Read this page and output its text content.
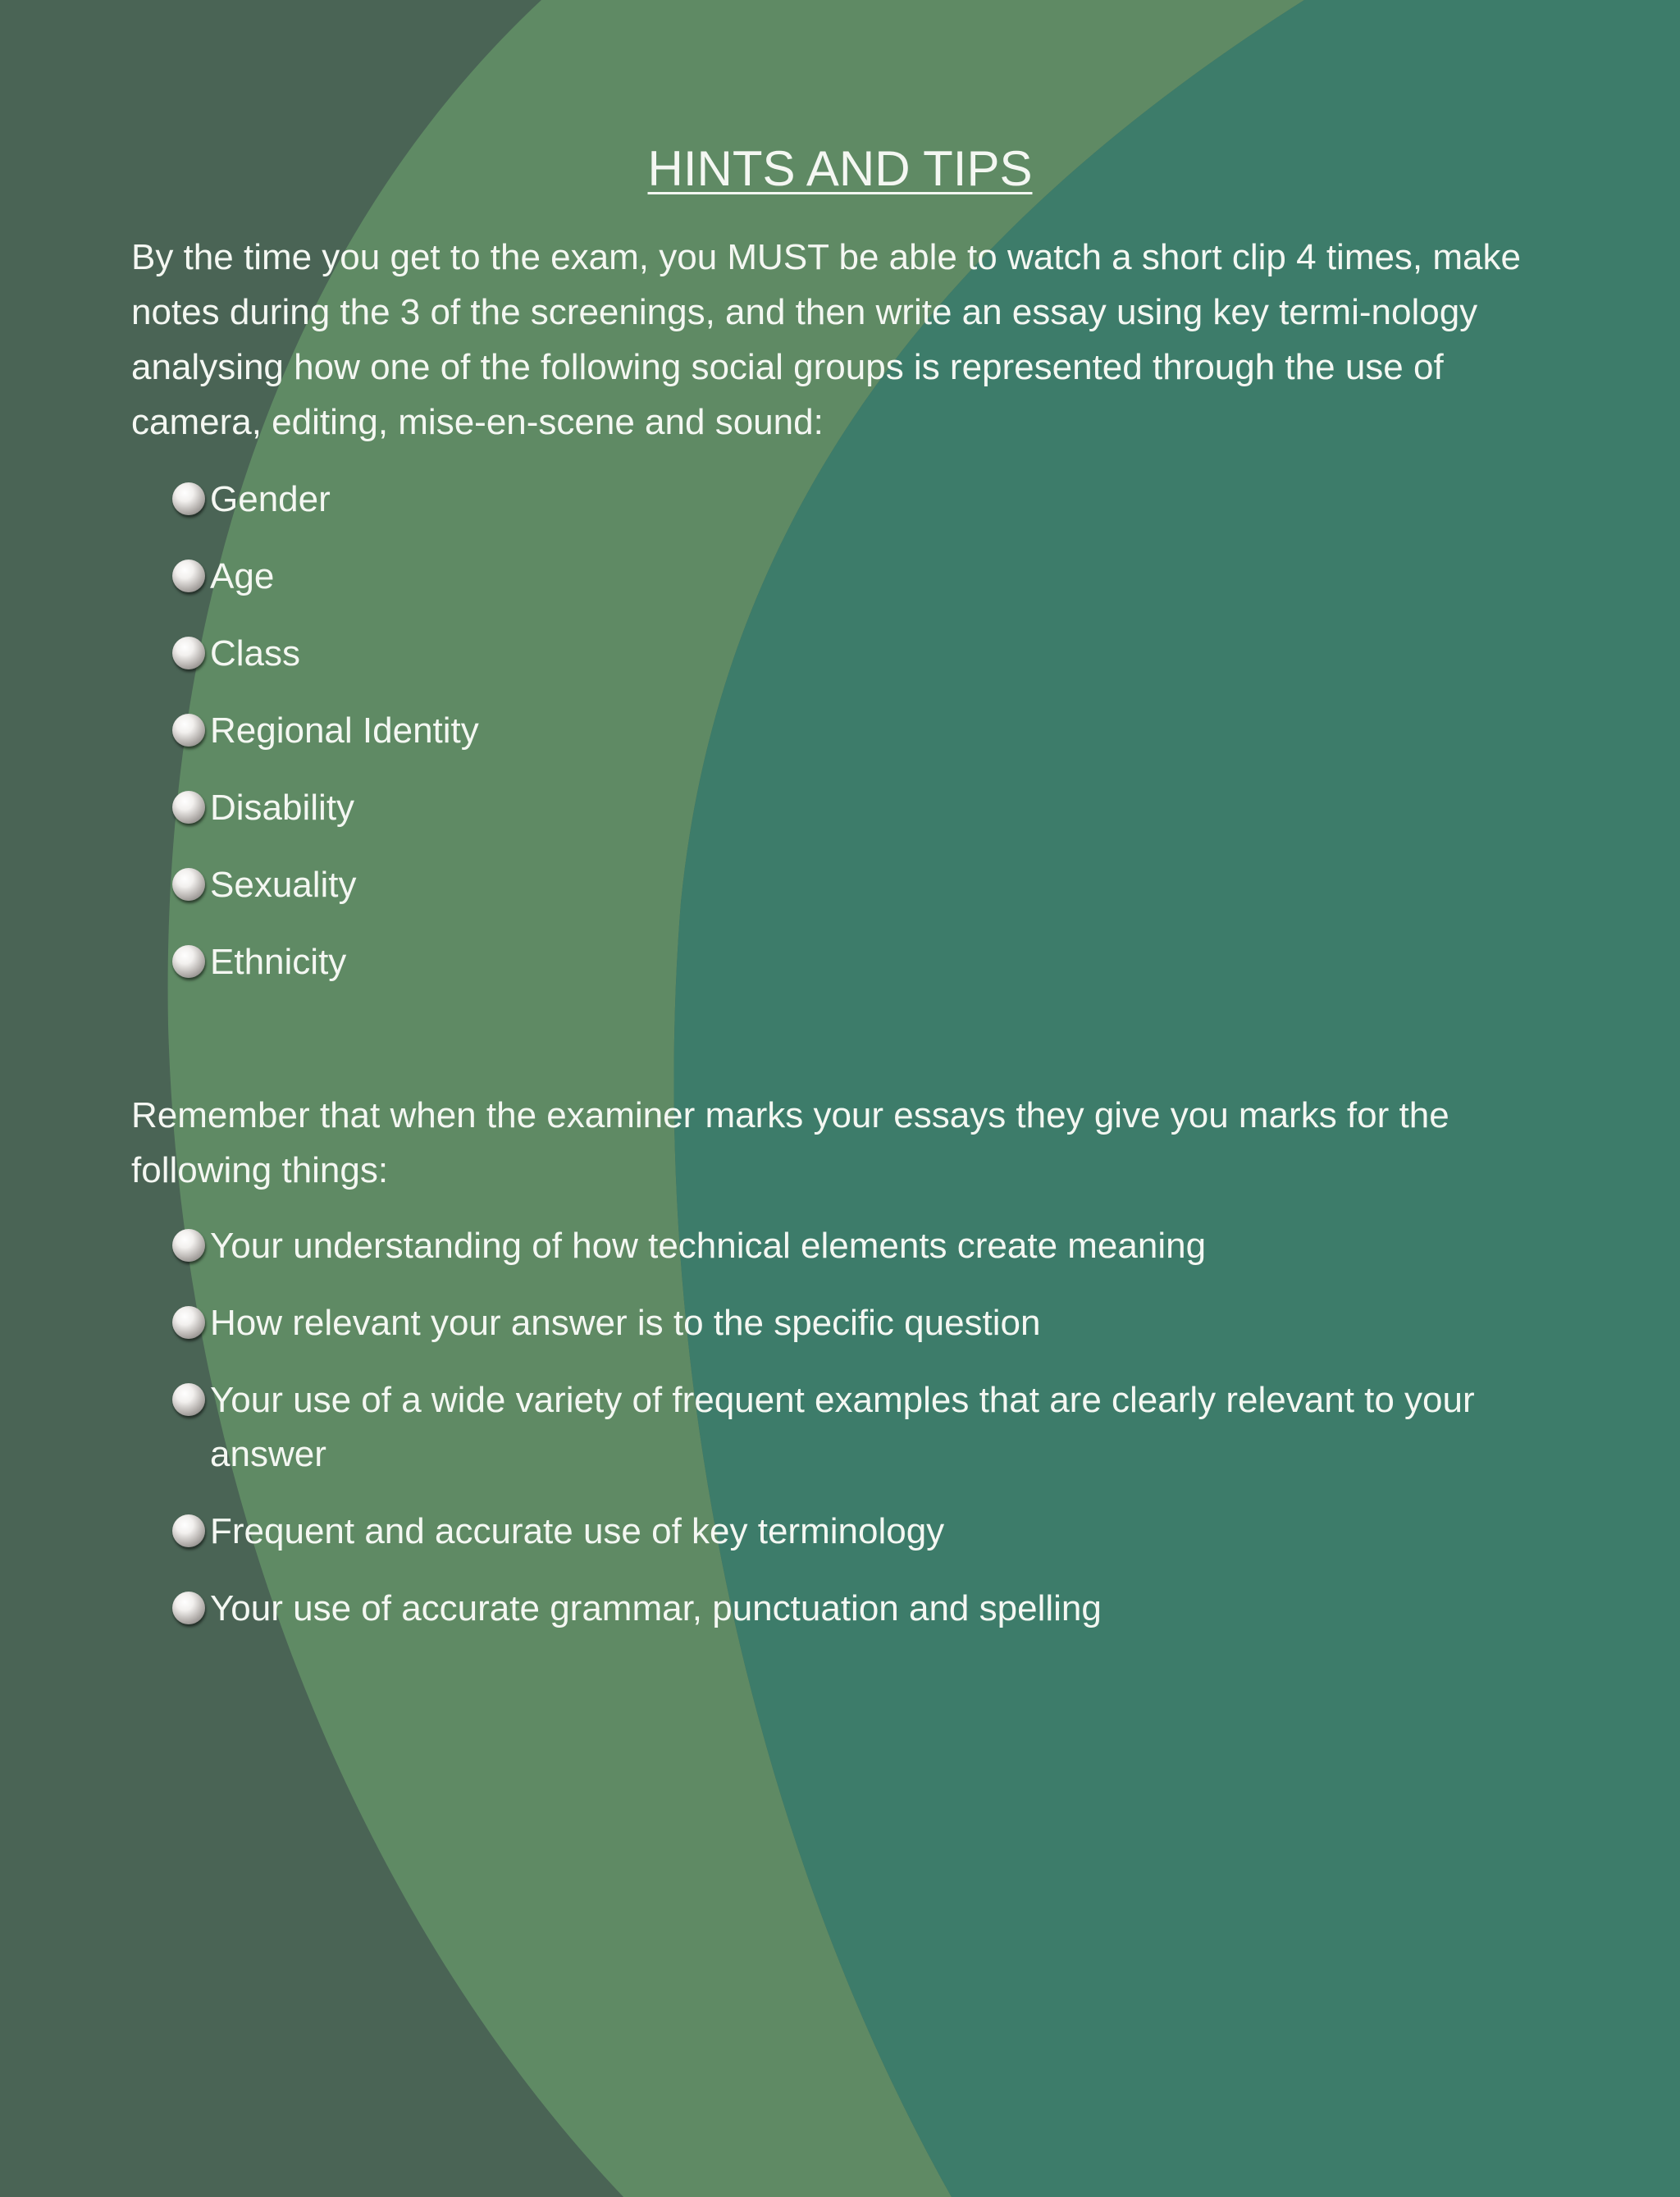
HINTS AND TIPS

By the time you get to the exam, you MUST be able to watch a short clip 4 times, make notes during the 3 of the screenings, and then write an essay using key termi-nology analysing how one of the following social groups is represented through the use of camera, editing, mise-en-scene and sound:

Gender
Age
Class
Regional Identity
Disability
Sexuality
Ethnicity

Remember that when the examiner marks your essays they give you marks for the following things:

Your understanding of how technical elements create meaning
How relevant your answer is to the specific question
Your use of a wide variety of frequent examples that are clearly relevant to your answer
Frequent and accurate use of key terminology
Your use of accurate grammar, punctuation and spelling
